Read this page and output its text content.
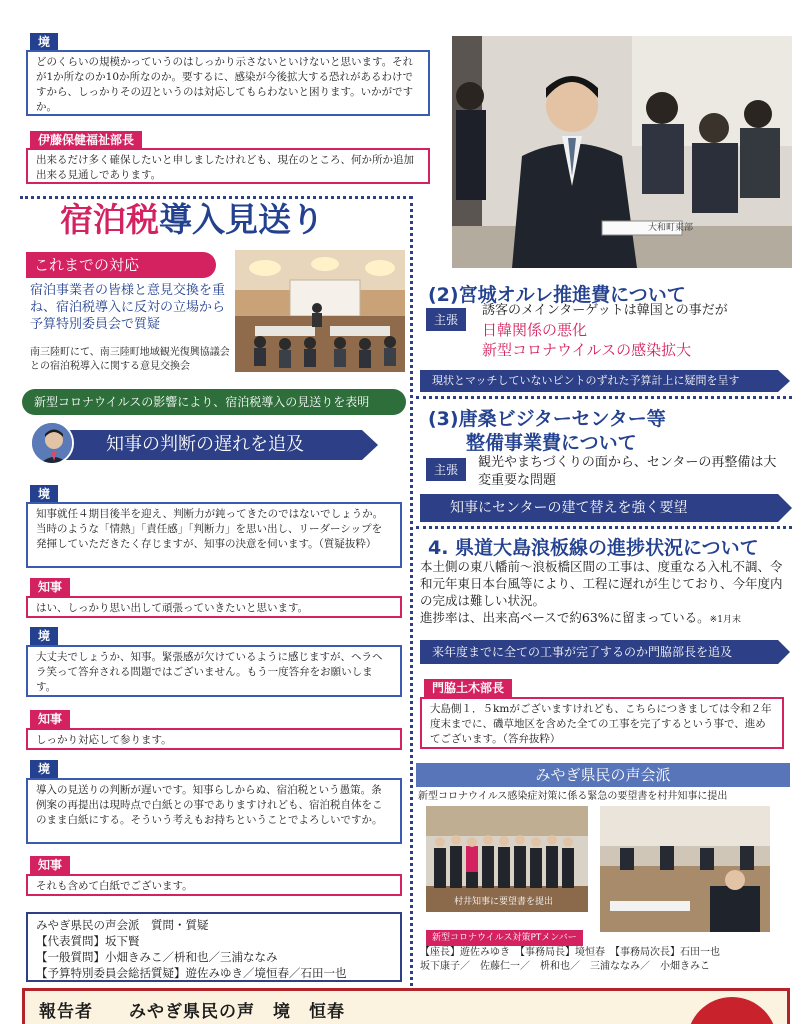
境
どのくらいの規模かっていうのはしっかり示さないといけないと思います。それが1か所なのか10か所なのか。要するに、感染が今後拡大する恐れがあるわけですから、しっかりその辺というのは対応してもらわないと困ります。いかがですか。
伊藤保健福祉部長
出来るだけ多く確保したいと申しましたけれども、現在のところ、何か所か追加出来る見通しであります。
宿泊税導入見送り
これまでの対応
宿泊事業者の皆様と意見交換を重ね、宿泊税導入に反対の立場から予算特別委員会で質疑
南三陸町にて、南三陸町地域観光復興協議会との宿泊税導入に関する意見交換会
新型コロナウイルスの影響により、宿泊税導入の見送りを表明
知事の判断の遅れを追及
境
知事就任４期目後半を迎え、判断力が鈍ってきたのではないでしょうか。当時のような「情熱」「責任感」「判断力」を思い出し、リーダーシップを発揮していただきたく存じますが、知事の決意を伺います。（質疑抜粋）
知事
はい、しっかり思い出して頑張っていきたいと思います。
境
大丈夫でしょうか、知事。緊張感が欠けているように感じますが、ヘラヘラ笑って答弁される問題ではございません。もう一度答弁をお願いします。
知事
しっかり対応して参ります。
境
導入の見送りの判断が遅いです。知事らしからぬ、宿泊税という愚策。条例案の再提出は現時点で白紙との事でありますけれども、宿泊税自体をこのまま白紙にする。そういう考えもお持ちということでよろしいですか。
知事
それも含めて白紙でございます。
みやぎ県民の声会派　質問・質疑
【代表質問】坂下賢
【一般質問】小畑きみこ／枡和也／三浦ななみ
【予算特別委員会総括質疑】遊佐みゆき／境恒春／石田一也
大和町東部
(2)宮城オルレ推進費について
主張
誘客のメインターゲットは韓国との事だが
日韓関係の悪化
新型コロナウイルスの感染拡大
現状とマッチしていないピントのずれた予算計上に疑問を呈す
(3)唐桑ビジターセンター等
整備事業費について
主張	観光やまちづくりの面から、センターの再整備は大変重要な問題
知事にセンターの建て替えを強く要望
4. 県道大島浪板線の進捗状況について
本土側の東八幡前～浪板橋区間の工事は、度重なる入札不調、令和元年東日本台風等により、工程に遅れが生じており、今年度内の完成は難しい状況。
進捗率は、出来高ベースで約63%に留まっている。※1月末
来年度までに全ての工事が完了するのか門脇部長を追及
門脇土木部長
大島側１．５kmがございますけれども、こちらにつきましては令和２年度末までに、磯草地区を含めた全ての工事を完了するという事で、進めてございます。（答弁抜粋）
みやぎ県民の声会派
新型コロナウイルス感染症対策に係る緊急の要望書を村井知事に提出
村井知事に要望書を提出
新型コロナウイルス対策PTメンバー
【座長】遊佐みゆき　【事務局長】境恒春　【事務局次長】石田一也
坂下康子／　佐藤仁一／　枡和也／　三浦ななみ／　小畑きみこ
報告者　　みやぎ県民の声　境　恒春
